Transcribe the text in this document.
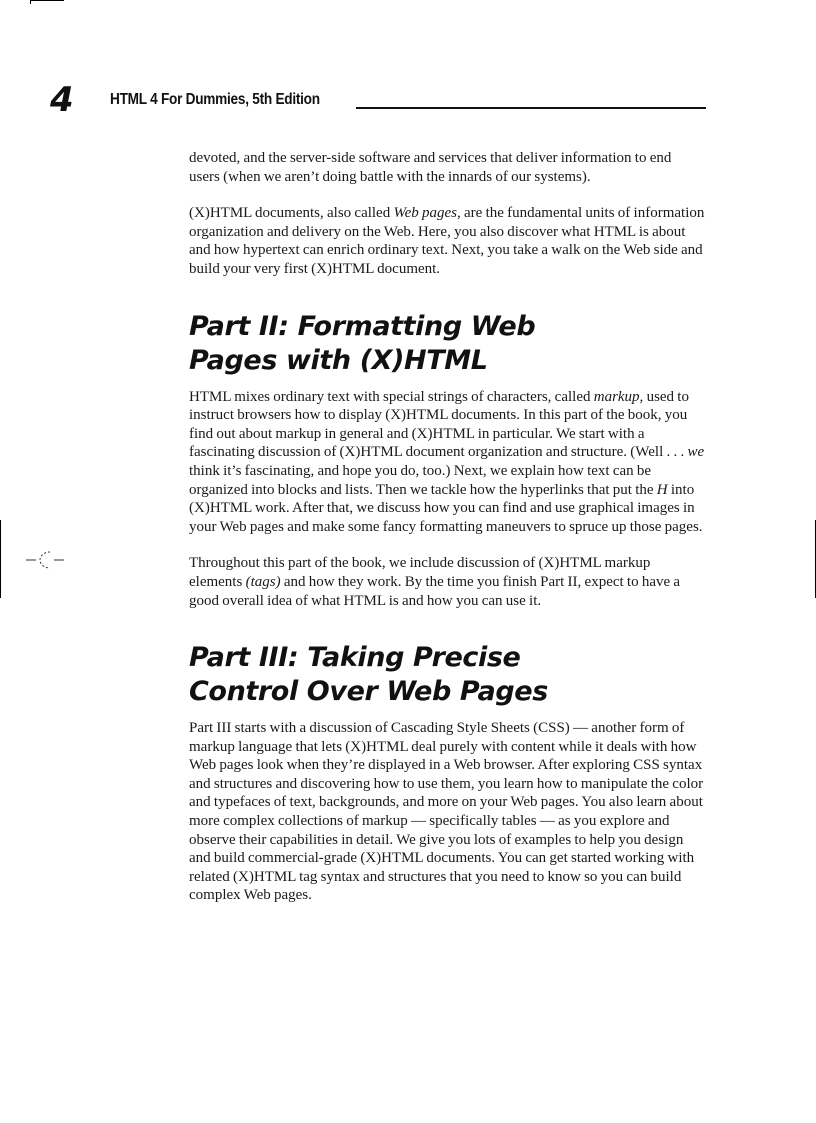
4 HTML 4 For Dummies, 5th Edition

devoted, and the server-side software and services that deliver information to end users (when we aren’t doing battle with the innards of our systems).

(X)HTML documents, also called Web pages, are the fundamental units of information organization and delivery on the Web. Here, you also discover what HTML is about and how hypertext can enrich ordinary text. Next, you take a walk on the Web side and build your very first (X)HTML document.

Part II: Formatting Web
Pages with (X)HTML

HTML mixes ordinary text with special strings of characters, called markup, used to instruct browsers how to display (X)HTML documents. In this part of the book, you find out about markup in general and (X)HTML in particular. We start with a fascinating discussion of (X)HTML document organization and structure. (Well . . . we think it’s fascinating, and hope you do, too.) Next, we explain how text can be organized into blocks and lists. Then we tackle how the hyperlinks that put the H into (X)HTML work. After that, we discuss how you can find and use graphical images in your Web pages and make some fancy formatting maneuvers to spruce up those pages.

Throughout this part of the book, we include discussion of (X)HTML markup elements (tags) and how they work. By the time you finish Part II, expect to have a good overall idea of what HTML is and how you can use it.

Part III: Taking Precise
Control Over Web Pages

Part III starts with a discussion of Cascading Style Sheets (CSS) — another form of markup language that lets (X)HTML deal purely with content while it deals with how Web pages look when they’re displayed in a Web browser. After exploring CSS syntax and structures and discovering how to use them, you learn how to manipulate the color and typefaces of text, backgrounds, and more on your Web pages. You also learn about more complex collections of markup — specifically tables — as you explore and observe their capabilities in detail. We give you lots of examples to help you design and build commercial-grade (X)HTML documents. You can get started working with related (X)HTML tag syntax and structures that you need to know so you can build complex Web pages.
